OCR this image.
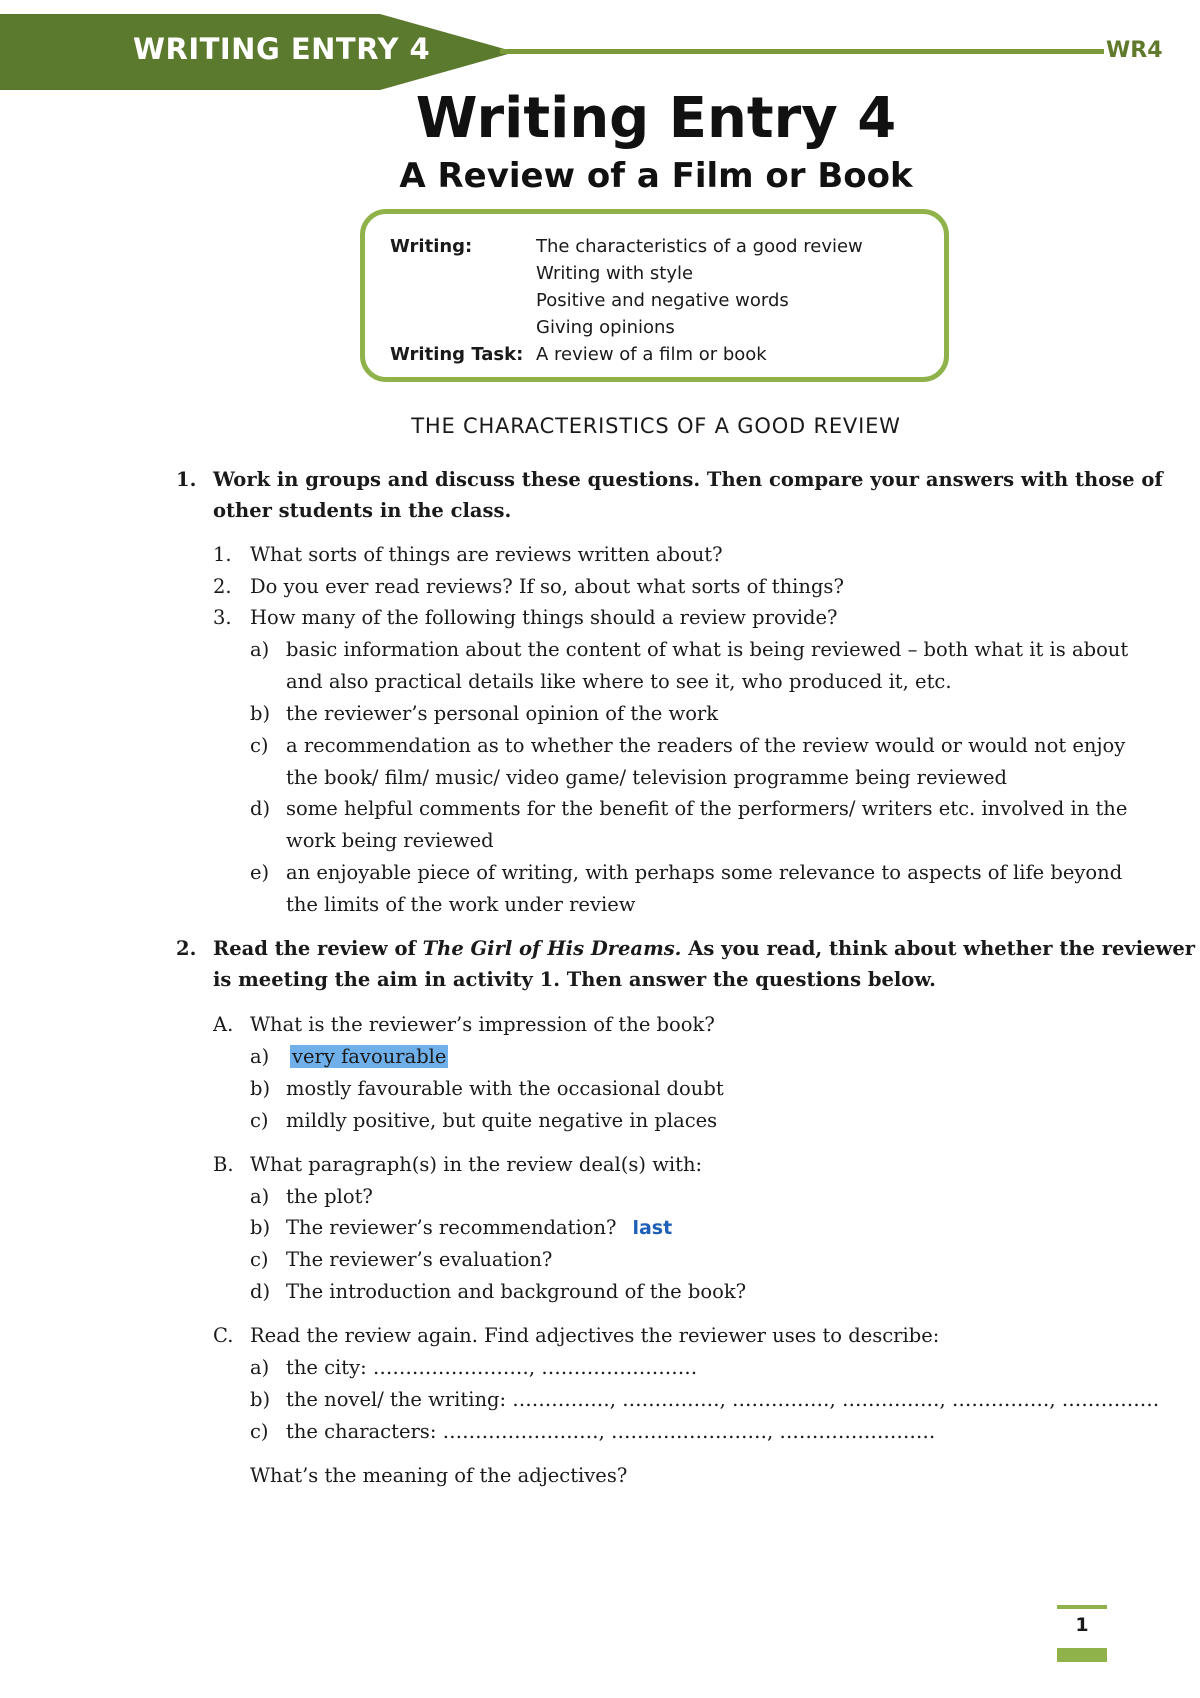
WRITING ENTRY 4	WR4
Writing Entry 4
A Review of a Film or Book
Writing:	The characteristics of a good review
Writing with style
Positive and negative words
Giving opinions
Writing Task: A review of a film or book
THE CHARACTERISTICS OF A GOOD REVIEW
1. Work in groups and discuss these questions. Then compare your answers with those of
other students in the class.
1. What sorts of things are reviews written about?
2. Do you ever read reviews? If so, about what sorts of things?
3. How many of the following things should a review provide?
a) basic information about the content of what is being reviewed – both what it is about
and also practical details like where to see it, who produced it, etc.
b) the reviewer’s personal opinion of the work
c) a recommendation as to whether the readers of the review would or would not enjoy
the book/ film/ music/ video game/ television programme being reviewed
d) some helpful comments for the benefit of the performers/ writers etc. involved in the
work being reviewed
e) an enjoyable piece of writing, with perhaps some relevance to aspects of life beyond
the limits of the work under review
2. Read the review of The Girl of His Dreams. As you read, think about whether the reviewer
is meeting the aim in activity 1. Then answer the questions below.
A. What is the reviewer’s impression of the book?
a) very favourable
b) mostly favourable with the occasional doubt
c) mildly positive, but quite negative in places
B. What paragraph(s) in the review deal(s) with:
a) the plot?
b) The reviewer’s recommendation? last
c) The reviewer’s evaluation?
d) The introduction and background of the book?
C. Read the review again. Find adjectives the reviewer uses to describe:
a) the city: ……………………, ……………………
b) the novel/ the writing: ……………, ……………, ……………, ……………, ……………, ……………
c) the characters: ……………………, ……………………, ……………………
What’s the meaning of the adjectives?
1
